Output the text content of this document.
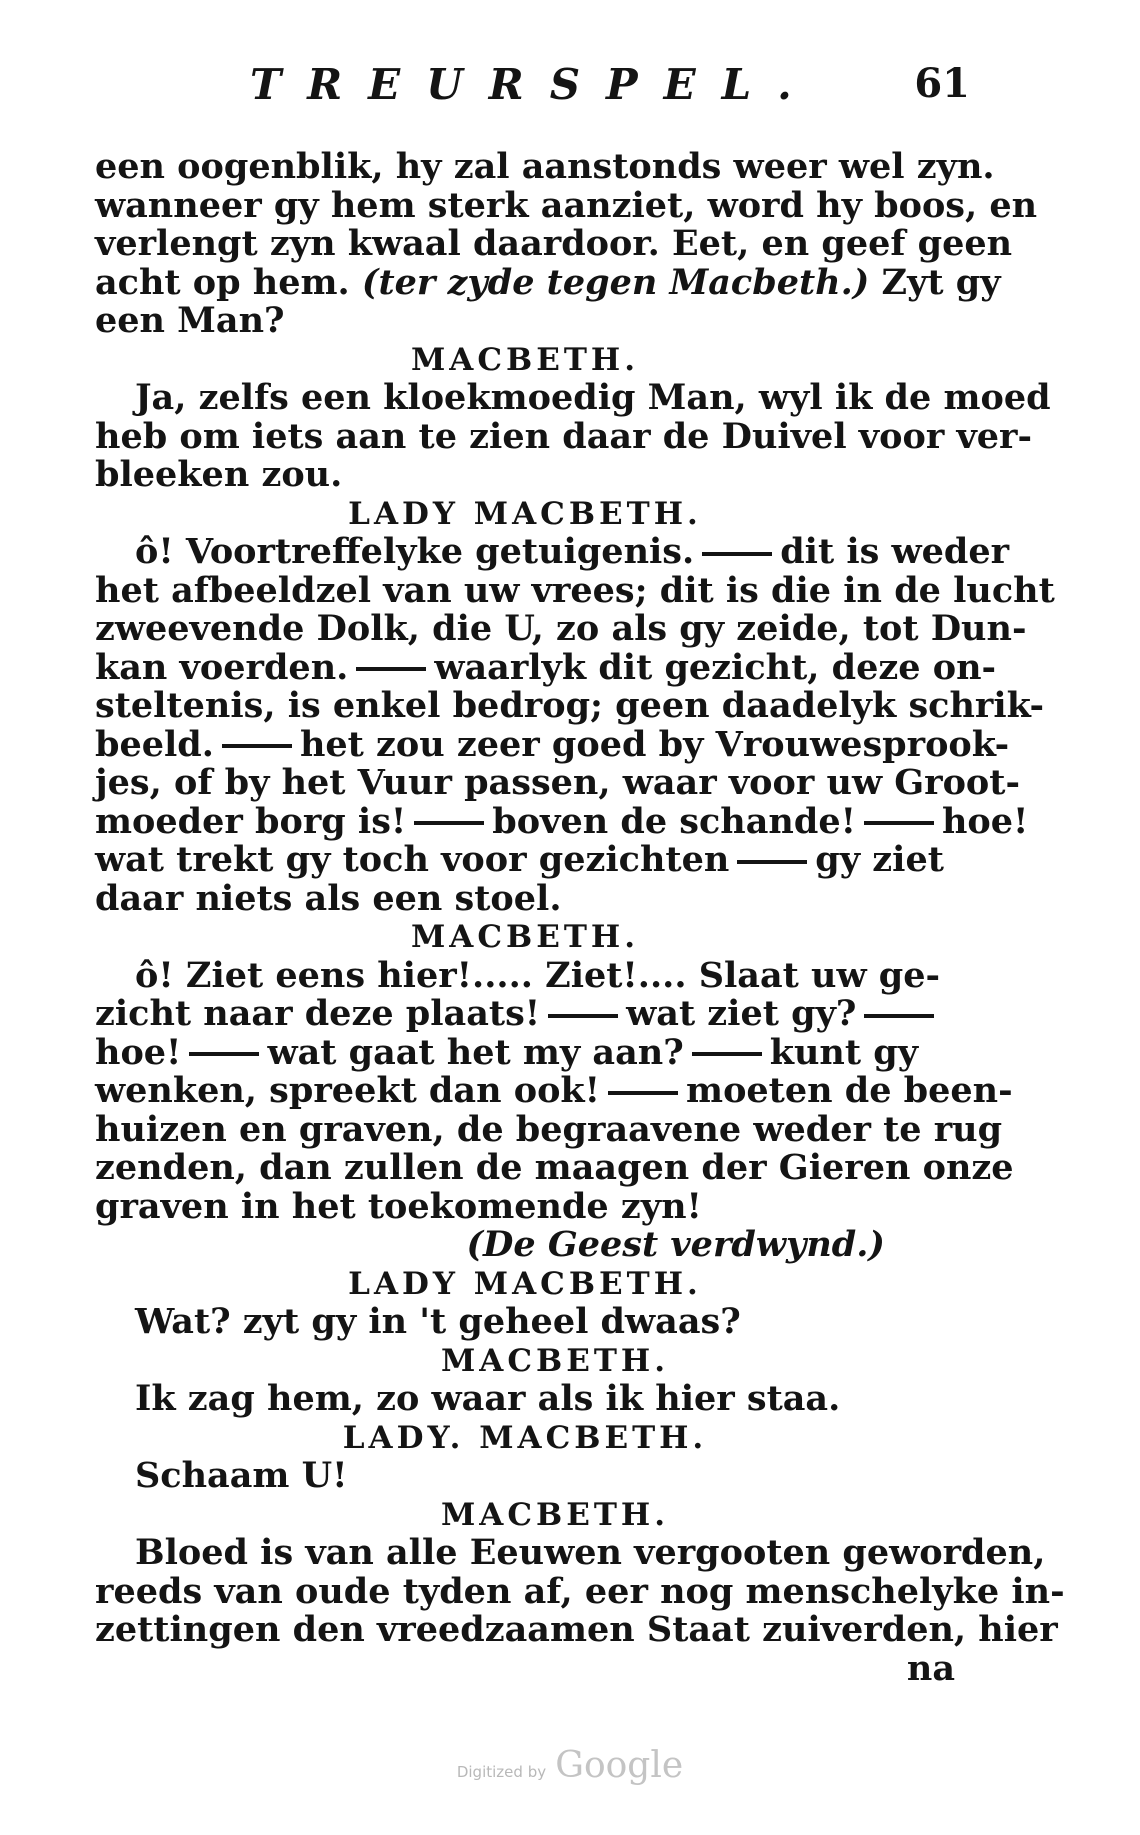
TREURSPEL. 61
een oogenblik, hy zal aanstonds weer wel zyn.
wanneer gy hem sterk aanziet, word hy boos, en
verlengt zyn kwaal daardoor. Eet, en geef geen
acht op hem. (ter zyde tegen Macbeth.) Zyt gy
een Man?
MACBETH.
Ja, zelfs een kloekmoedig Man, wyl ik de moed
heb om iets aan te zien daar de Duivel voor ver-
bleeken zou.
LADY MACBETH.
ô! Voortreffelyke getuigenis. dit is weder
het afbeeldzel van uw vrees; dit is die in de lucht
zweevende Dolk, die U, zo als gy zeide, tot Dun-
kan voerden. waarlyk dit gezicht, deze on-
steltenis, is enkel bedrog; geen daadelyk schrik-
beeld. het zou zeer goed by Vrouwesprook-
jes, of by het Vuur passen, waar voor uw Groot-
moeder borg is! boven de schande! hoe!
wat trekt gy toch voor gezichten gy ziet
daar niets als een stoel.
MACBETH.
ô! Ziet eens hier!..... Ziet!.... Slaat uw ge-
zicht naar deze plaats! wat ziet gy?
hoe! wat gaat het my aan? kunt gy
wenken, spreekt dan ook! moeten de been-
huizen en graven, de begraavene weder te rug
zenden, dan zullen de maagen der Gieren onze
graven in het toekomende zyn!
(De Geest verdwynd.)
LADY MACBETH.
Wat? zyt gy in 't geheel dwaas?
MACBETH.
Ik zag hem, zo waar als ik hier staa.
LADY. MACBETH.
Schaam U!
MACBETH.
Bloed is van alle Eeuwen vergooten geworden,
reeds van oude tyden af, eer nog menschelyke in-
zettingen den vreedzaamen Staat zuiverden, hier
na
Digitized by Google
